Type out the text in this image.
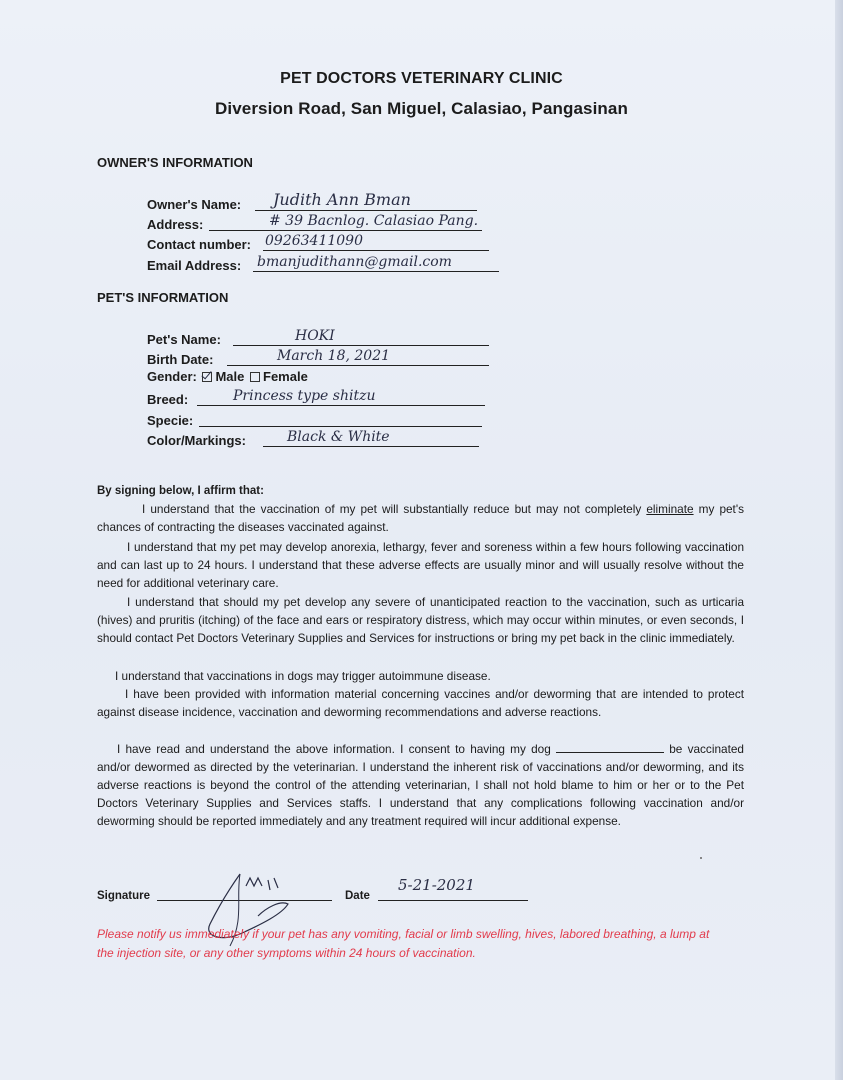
PET DOCTORS VETERINARY CLINIC
Diversion Road, San Miguel, Calasiao, Pangasinan
OWNER'S INFORMATION
Owner's Name: Judith Ann Bman
Address:	# 39 Bacnlog. Calasiao Pang.
Contact number: 09263411090
Email Address: bmanjudithann@gmail.com
PET'S INFORMATION
Pet's Name:	HOKI
Birth Date:	March 18, 2021
Gender: Male Female
Breed:	Princess type shitzu
Specie:
Color/Markings:	Black & White
By signing below, I affirm that:
I understand that the vaccination of my pet will substantially reduce but may not completely eliminate my pet's chances of contracting the diseases vaccinated against.
I understand that my pet may develop anorexia, lethargy, fever and soreness within a few hours following vaccination and can last up to 24 hours. I understand that these adverse effects are usually minor and will usually resolve without the need for additional veterinary care.
I understand that should my pet develop any severe of unanticipated reaction to the vaccination, such as urticaria (hives) and pruritis (itching) of the face and ears or respiratory distress, which may occur within minutes, or even seconds, I should contact Pet Doctors Veterinary Supplies and Services for instructions or bring my pet back in the clinic immediately.
I understand that vaccinations in dogs may trigger autoimmune disease.
I have been provided with information material concerning vaccines and/or deworming that are intended to protect against disease incidence, vaccination and deworming recommendations and adverse reactions.
I have read and understand the above information. I consent to having my dog	be vaccinated and/or dewormed as directed by the veterinarian. I understand the inherent risk of vaccinations and/or deworming, and its adverse reactions is beyond the control of the attending veterinarian, I shall not hold blame to him or her or to the Pet Doctors Veterinary Supplies and Services staffs. I understand that any complications following vaccination and/or deworming should be reported immediately and any treatment required will incur additional expense.
Signature	Date
5-21-2021
Please notify us immediately if your pet has any vomiting, facial or limb swelling, hives, labored breathing, a lump at the injection site, or any other symptoms within 24 hours of vaccination.
